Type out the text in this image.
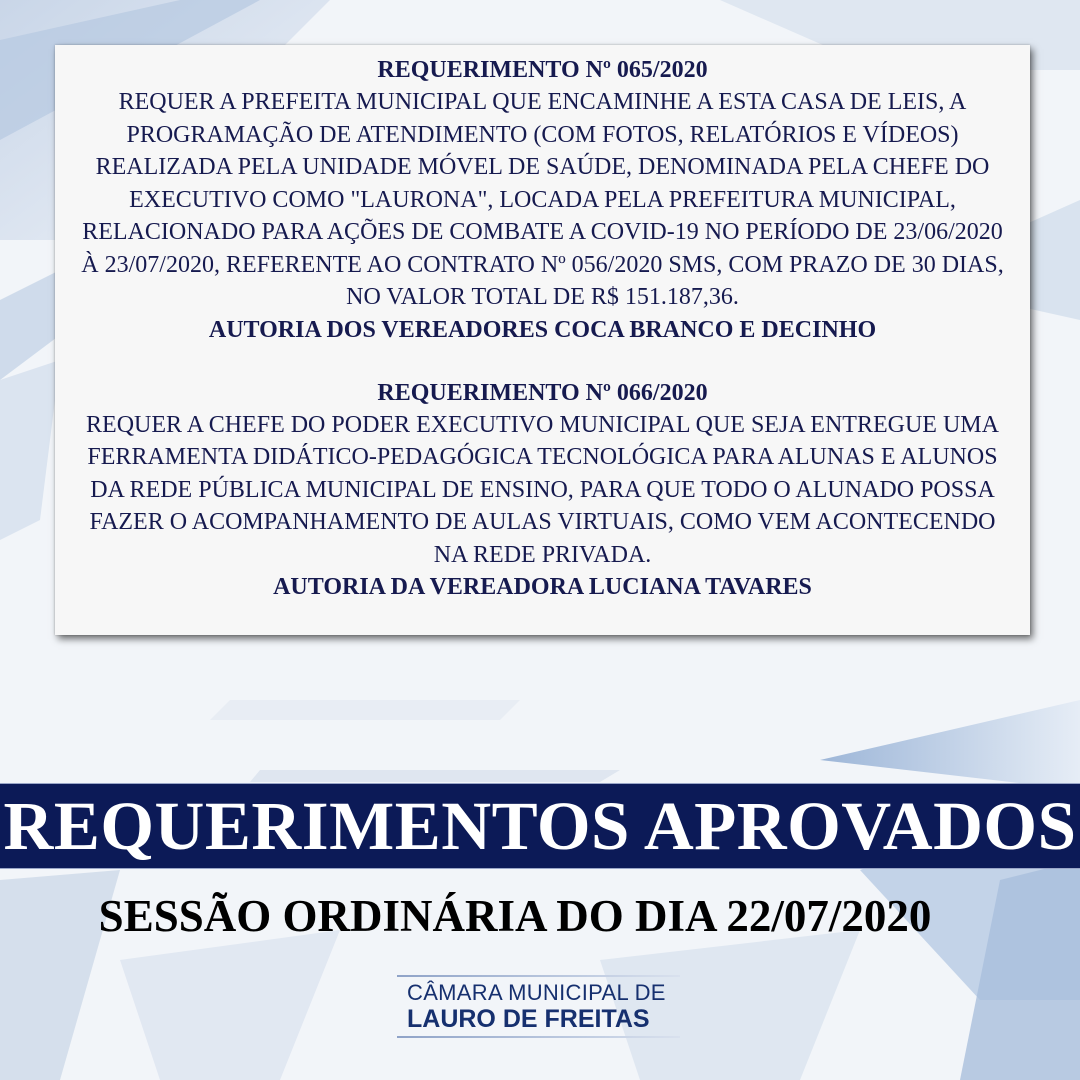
REQUERIMENTO Nº 065/2020
REQUER A PREFEITA MUNICIPAL QUE ENCAMINHE A ESTA CASA DE LEIS, A PROGRAMAÇÃO DE ATENDIMENTO (COM FOTOS, RELATÓRIOS E VÍDEOS) REALIZADA PELA UNIDADE MÓVEL DE SAÚDE, DENOMINADA PELA CHEFE DO EXECUTIVO COMO "LAURONA", LOCADA PELA PREFEITURA MUNICIPAL, RELACIONADO PARA AÇÕES DE COMBATE A COVID-19 NO PERÍODO DE 23/06/2020 À 23/07/2020, REFERENTE AO CONTRATO Nº 056/2020 SMS, COM PRAZO DE 30 DIAS, NO VALOR TOTAL DE R$ 151.187,36.
AUTORIA DOS VEREADORES COCA BRANCO E DECINHO
REQUERIMENTO Nº 066/2020
REQUER A CHEFE DO PODER EXECUTIVO MUNICIPAL QUE SEJA ENTREGUE UMA FERRAMENTA DIDÁTICO-PEDAGÓGICA TECNOLÓGICA PARA ALUNAS E ALUNOS DA REDE PÚBLICA MUNICIPAL DE ENSINO, PARA QUE TODO O ALUNADO POSSA FAZER O ACOMPANHAMENTO DE AULAS VIRTUAIS, COMO VEM ACONTECENDO NA REDE PRIVADA.
AUTORIA DA VEREADORA LUCIANA TAVARES
REQUERIMENTOS APROVADOS
SESSÃO ORDINÁRIA DO DIA 22/07/2020
CÂMARA MUNICIPAL DE
LAURO DE FREITAS
